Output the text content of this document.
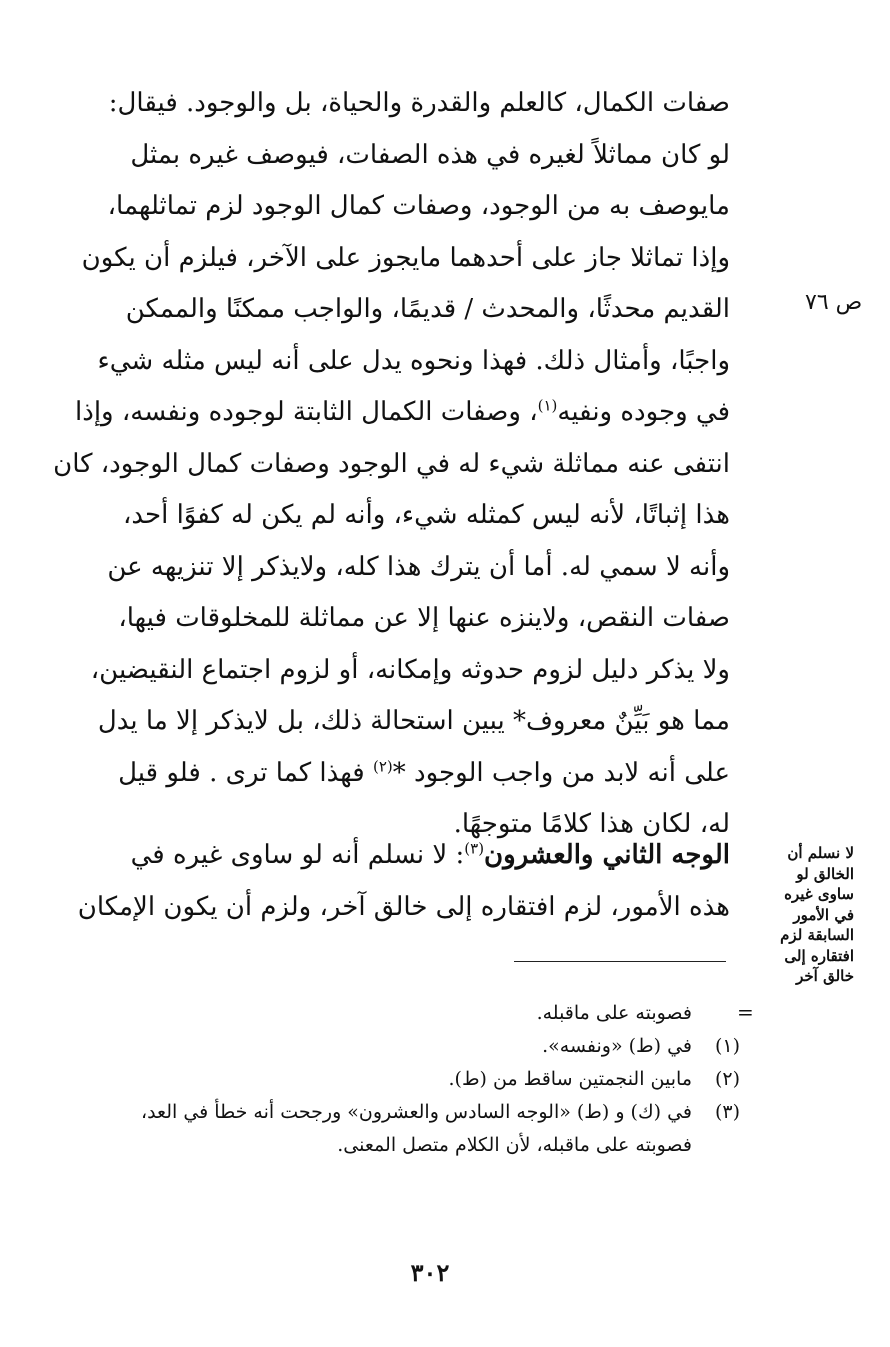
صفات الكمال، كالعلم والقدرة والحياة، بل والوجود. فيقال:
لو كان مماثلاً لغيره في هذه الصفات، فيوصف غيره بمثل
مايوصف به من الوجود، وصفات كمال الوجود لزم تماثلهما،
وإذا تماثلا جاز على أحدهما مايجوز على الآخر، فيلزم أن يكون
القديم محدثًا، والمحدث / قديمًا، والواجب ممكنًا والممكن
واجبًا، وأمثال ذلك. فهذا ونحوه يدل على أنه ليس مثله شيء
في وجوده ونفيه$^{(١)}$، وصفات الكمال الثابتة لوجوده ونفسه، وإذا
انتفى عنه مماثلة شيء له في الوجود وصفات كمال الوجود، كان
هذا إثباتًا، لأنه ليس كمثله شيء، وأنه لم يكن له كفوًا أحد،
وأنه لا سمي له. أما أن يترك هذا كله، ولايذكر إلا تنزيهه عن
صفات النقص، ولاينزه عنها إلا عن مماثلة للمخلوقات فيها،
ولا يذكر دليل لزوم حدوثه وإمكانه، أو لزوم اجتماع النقيضين،
مما هو بَيِّنٌ معروف* يبين استحالة ذلك، بل لايذكر إلا ما يدل
على أنه لابد من واجب الوجود *$^{(٢)}$ فهذا كما ترى . فلو قيل
له، لكان هذا كلامًا متوجهًا.
الوجه الثاني والعشرون$^{(٣)}$: لا نسلم أنه لو ساوى غيره في
هذه الأمور، لزم افتقاره إلى خالق آخر، ولزم أن يكون الإمكان
ص ٧٦
لا نسلم أن
الخالق لو
ساوى غيره
في الأمور
السابقة لزم
افتقاره إلى
خالق آخر
=
فصوبته على ماقبله.
(١)
في (ط) «ونفسه».
(٢)
مابين النجمتين ساقط من (ط).
(٣)
في (ك) و (ط) «الوجه السادس والعشرون» ورجحت أنه خطأ في العد،
فصوبته على ماقبله، لأن الكلام متصل المعنى.
٣٠٢
